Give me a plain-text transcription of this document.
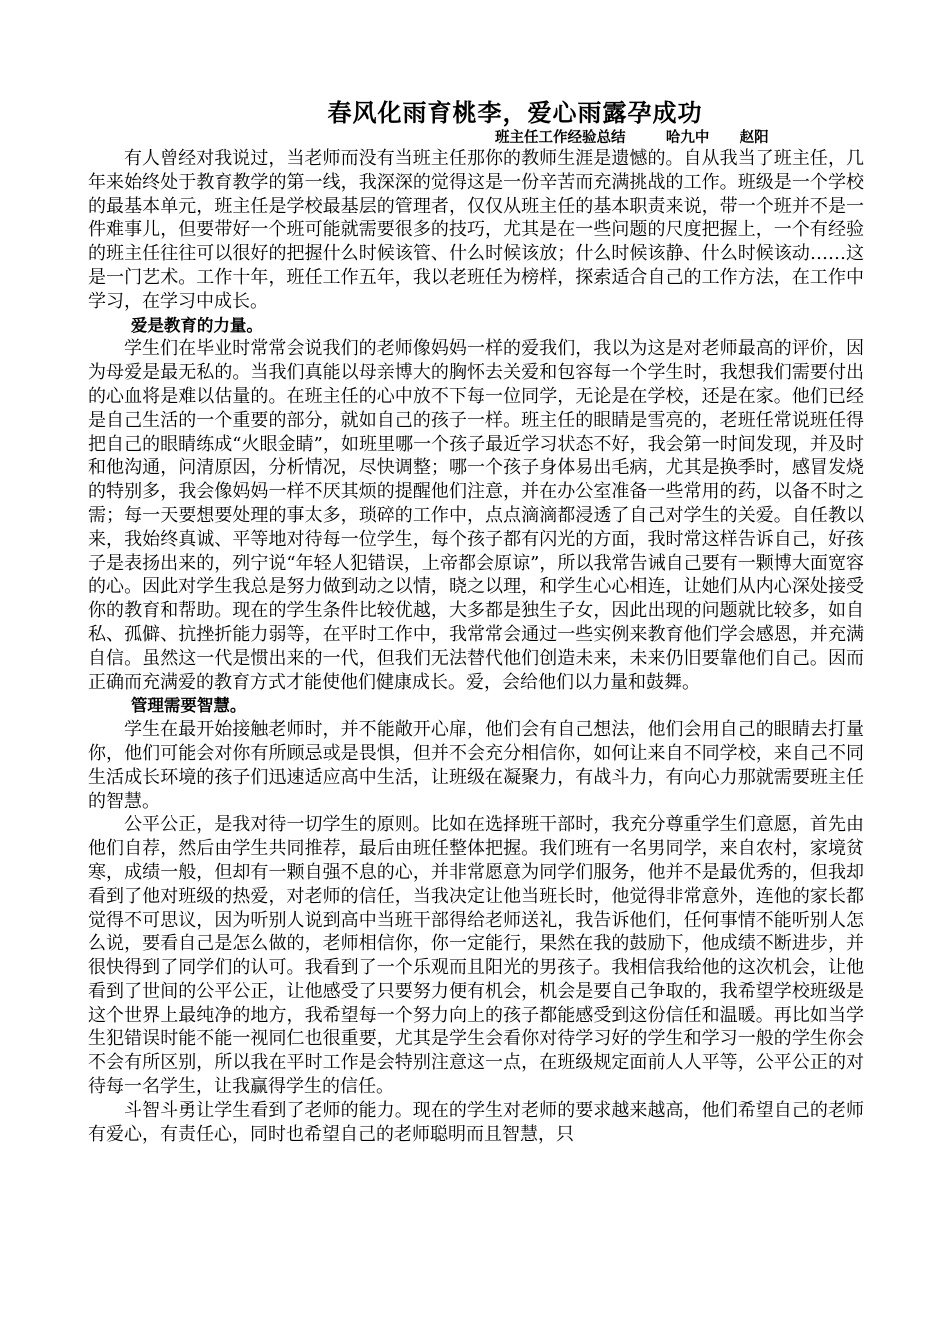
春风化雨育桃李，爱心雨露孕成功
班主任工作经验总结        哈九中      赵阳

有人曾经对我说过，当老师而没有当班主任那你的教师生涯是遗憾的。自从我当了班主任，几年来始终处于教育教学的第一线，我深深的觉得这是一份辛苦而充满挑战的工作。班级是一个学校的最基本单元，班主任是学校最基层的管理者，仅仅从班主任的基本职责来说，带一个班并不是一件难事儿，但要带好一个班可能就需要很多的技巧，尤其是在一些问题的尺度把握上，一个有经验的班主任往往可以很好的把握什么时候该管、什么时候该放；什么时候该静、什么时候该动……这是一门艺术。工作十年，班任工作五年，我以老班任为榜样，探索适合自己的工作方法，在工作中学习，在学习中成长。

爱是教育的力量。

学生们在毕业时常常会说我们的老师像妈妈一样的爱我们，我以为这是对老师最高的评价，因为母爱是最无私的。当我们真能以母亲博大的胸怀去关爱和包容每一个学生时，我想我们需要付出的心血将是难以估量的。在班主任的心中放不下每一位同学，无论是在学校，还是在家。他们已经是自己生活的一个重要的部分，就如自己的孩子一样。班主任的眼睛是雪亮的，老班任常说班任得把自己的眼睛练成“火眼金睛”，如班里哪一个孩子最近学习状态不好，我会第一时间发现，并及时和他沟通，问清原因，分析情况，尽快调整；哪一个孩子身体易出毛病，尤其是换季时，感冒发烧的特别多，我会像妈妈一样不厌其烦的提醒他们注意，并在办公室准备一些常用的药，以备不时之需；每一天要想要处理的事太多，琐碎的工作中，点点滴滴都浸透了自己对学生的关爱。自任教以来，我始终真诚、平等地对待每一位学生，每个孩子都有闪光的方面，我时常这样告诉自己，好孩子是表扬出来的，列宁说“年轻人犯错误，上帝都会原谅”，所以我常告诫自己要有一颗博大面宽容的心。因此对学生我总是努力做到动之以情，晓之以理，和学生心心相连，让她们从内心深处接受你的教育和帮助。现在的学生条件比较优越，大多都是独生子女，因此出现的问题就比较多，如自私、孤僻、抗挫折能力弱等，在平时工作中，我常常会通过一些实例来教育他们学会感恩，并充满自信。虽然这一代是惯出来的一代，但我们无法替代他们创造未来，未来仍旧要靠他们自己。因而正确而充满爱的教育方式才能使他们健康成长。爱，会给他们以力量和鼓舞。

管理需要智慧。

学生在最开始接触老师时，并不能敞开心扉，他们会有自己想法，他们会用自己的眼睛去打量你，他们可能会对你有所顾忌或是畏惧，但并不会充分相信你，如何让来自不同学校，来自己不同生活成长环境的孩子们迅速适应高中生活，让班级在凝聚力，有战斗力，有向心力那就需要班主任的智慧。

公平公正，是我对待一切学生的原则。比如在选择班干部时，我充分尊重学生们意愿，首先由他们自荐，然后由学生共同推荐，最后由班任整体把握。我们班有一名男同学，来自农村，家境贫寒，成绩一般，但却有一颗自强不息的心，并非常愿意为同学们服务，他并不是最优秀的，但我却看到了他对班级的热爱，对老师的信任，当我决定让他当班长时，他觉得非常意外，连他的家长都觉得不可思议，因为听别人说到高中当班干部得给老师送礼，我告诉他们，任何事情不能听别人怎么说，要看自己是怎么做的，老师相信你，你一定能行，果然在我的鼓励下，他成绩不断进步，并很快得到了同学们的认可。我看到了一个乐观而且阳光的男孩子。我相信我给他的这次机会，让他看到了世间的公平公正，让他感受了只要努力便有机会，机会是要自己争取的，我希望学校班级是这个世界上最纯净的地方，我希望每一个努力向上的孩子都能感受到这份信任和温暖。再比如当学生犯错误时能不能一视同仁也很重要，尤其是学生会看你对待学习好的学生和学习一般的学生你会不会有所区别，所以我在平时工作是会特别注意这一点，在班级规定面前人人平等，公平公正的对待每一名学生，让我赢得学生的信任。

斗智斗勇让学生看到了老师的能力。现在的学生对老师的要求越来越高，他们希望自己的老师有爱心，有责任心，同时也希望自己的老师聪明而且智慧，只
